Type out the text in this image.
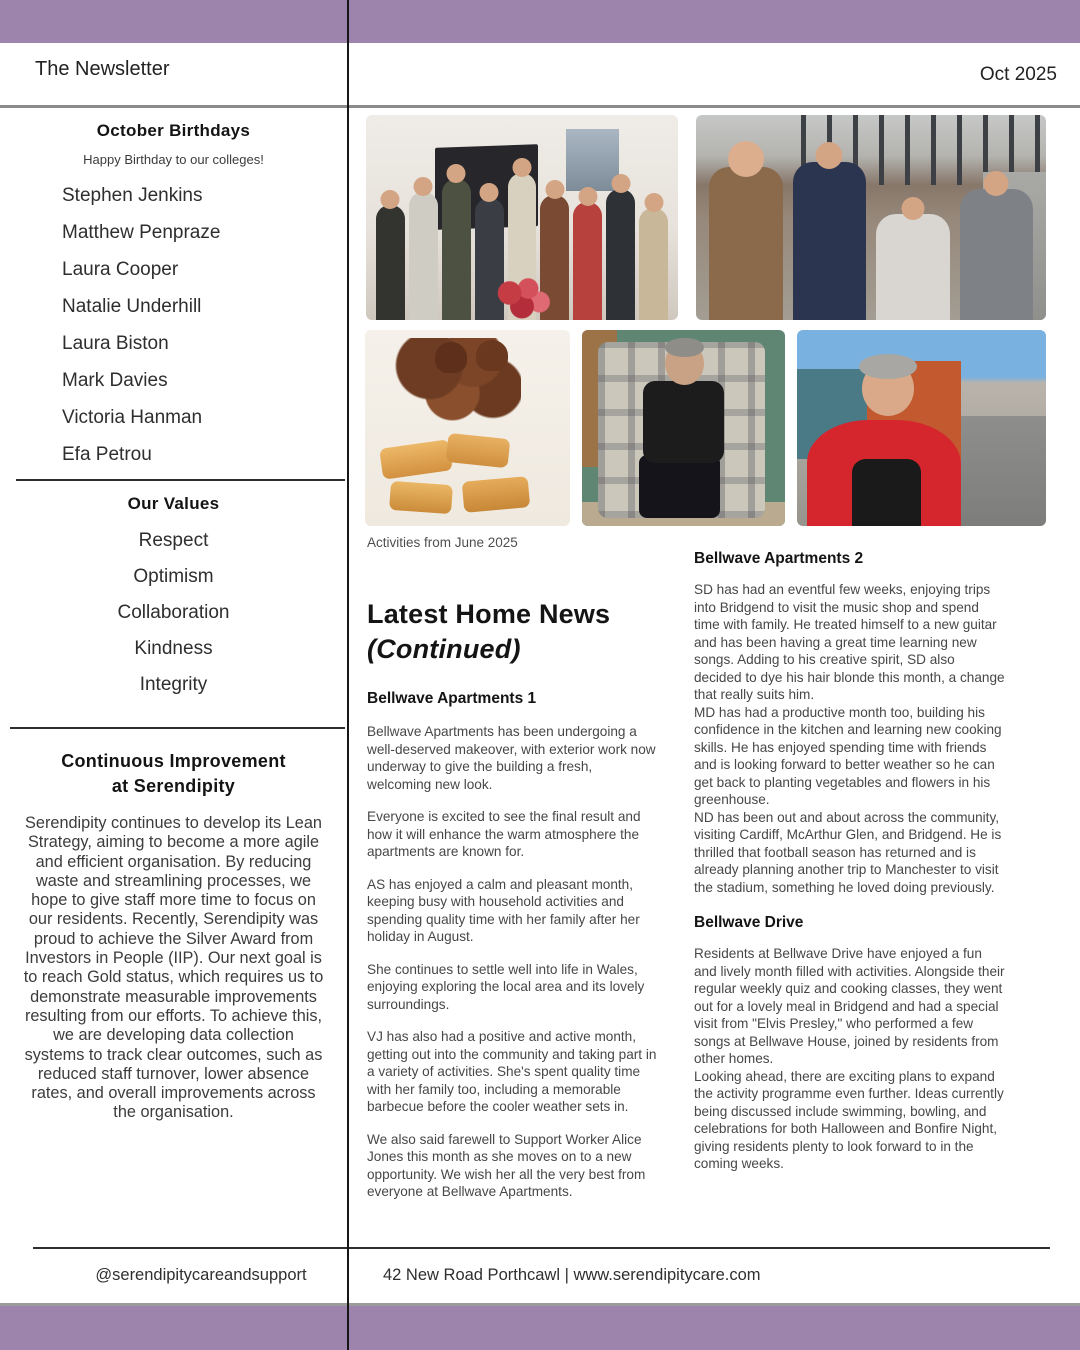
The Newsletter	Oct 2025
October Birthdays
Happy Birthday to our colleges!
Stephen Jenkins
Matthew Penpraze
Laura Cooper
Natalie Underhill
Laura Biston
Mark Davies
Victoria Hanman
Efa Petrou
Our Values
Respect
Optimism
Collaboration
Kindness
Integrity
Continuous Improvement
at Serendipity

Serendipity continues to develop its Lean Strategy, aiming to become a more agile and efficient organisation. By reducing waste and streamlining processes, we hope to give staff more time to focus on our residents. Recently, Serendipity was proud to achieve the Silver Award from Investors in People (IIP). Our next goal is to reach Gold status, which requires us to demonstrate measurable improvements resulting from our efforts. To achieve this, we are developing data collection systems to track clear outcomes, such as reduced staff turnover, lower absence rates, and overall improvements across the organisation.

Activities from June 2025
Latest Home News
(Continued)
Bellwave Apartments 1

Bellwave Apartments has been undergoing a well-deserved makeover, with exterior work now underway to give the building a fresh, welcoming new look.

Everyone is excited to see the final result and how it will enhance the warm atmosphere the apartments are known for.

AS has enjoyed a calm and pleasant month, keeping busy with household activities and spending quality time with her family after her holiday in August.

She continues to settle well into life in Wales, enjoying exploring the local area and its lovely surroundings.

VJ has also had a positive and active month, getting out into the community and taking part in a variety of activities. She's spent quality time with her family too, including a memorable barbecue before the cooler weather sets in.

We also said farewell to Support Worker Alice Jones this month as she moves on to a new opportunity. We wish her all the very best from everyone at Bellwave Apartments.

Bellwave Apartments 2

SD has had an eventful few weeks, enjoying trips into Bridgend to visit the music shop and spend time with family. He treated himself to a new guitar and has been having a great time learning new songs. Adding to his creative spirit, SD also decided to dye his hair blonde this month, a change that really suits him.

MD has had a productive month too, building his confidence in the kitchen and learning new cooking skills. He has enjoyed spending time with friends and is looking forward to better weather so he can get back to planting vegetables and flowers in his greenhouse.

ND has been out and about across the community, visiting Cardiff, McArthur Glen, and Bridgend. He is thrilled that football season has returned and is already planning another trip to Manchester to visit the stadium, something he loved doing previously.

Bellwave Drive

Residents at Bellwave Drive have enjoyed a fun and lively month filled with activities. Alongside their regular weekly quiz and cooking classes, they went out for a lovely meal in Bridgend and had a special visit from "Elvis Presley," who performed a few songs at Bellwave House, joined by residents from other homes.

Looking ahead, there are exciting plans to expand the activity programme even further. Ideas currently being discussed include swimming, bowling, and celebrations for both Halloween and Bonfire Night, giving residents plenty to look forward to in the coming weeks.

@serendipitycareandsupport	42 New Road Porthcawl | www.serendipitycare.com
